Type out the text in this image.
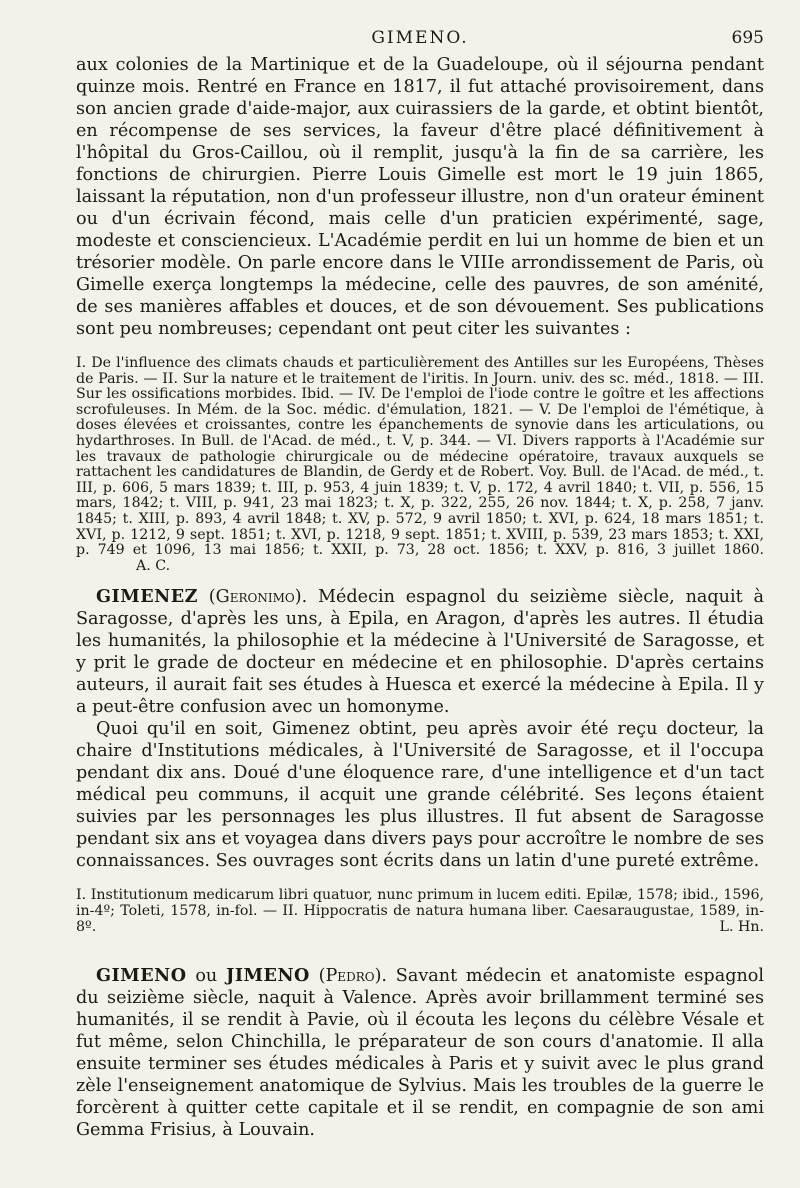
GIMENO.	695

aux colonies de la Martinique et de la Guadeloupe, où il séjourna pendant quinze mois. Rentré en France en 1817, il fut attaché provisoirement, dans son ancien grade d'aide-major, aux cuirassiers de la garde, et obtint bientôt, en récompense de ses services, la faveur d'être placé définitivement à l'hôpital du Gros-Caillou, où il remplit, jusqu'à la fin de sa carrière, les fonctions de chirurgien. Pierre Louis Gimelle est mort le 19 juin 1865, laissant la réputation, non d'un professeur illustre, non d'un orateur éminent ou d'un écrivain fécond, mais celle d'un praticien expérimenté, sage, modeste et consciencieux. L'Académie perdit en lui un homme de bien et un trésorier modèle. On parle encore dans le VIIIe arrondissement de Paris, où Gimelle exerça longtemps la médecine, celle des pauvres, de son aménité, de ses manières affables et douces, et de son dévouement. Ses publications sont peu nombreuses; cependant ont peut citer les suivantes :

I. De l'influence des climats chauds et particulièrement des Antilles sur les Européens, Thèses de Paris. — II. Sur la nature et le traitement de l'iritis. In Journ. univ. des sc. méd., 1818. — III. Sur les ossifications morbides. Ibid. — IV. De l'emploi de l'iode contre le goître et les affections scrofuleuses. In Mém. de la Soc. médic. d'émulation, 1821. — V. De l'emploi de l'émétique, à doses élevées et croissantes, contre les épanchements de synovie dans les articulations, ou hydarthroses. In Bull. de l'Acad. de méd., t. V, p. 344. — VI. Divers rapports à l'Académie sur les travaux de pathologie chirurgicale ou de médecine opératoire, travaux auxquels se rattachent les candidatures de Blandin, de Gerdy et de Robert. Voy. Bull. de l'Acad. de méd., t. III, p. 606, 5 mars 1839; t. III, p. 953, 4 juin 1839; t. V, p. 172, 4 avril 1840; t. VII, p. 556, 15 mars, 1842; t. VIII, p. 941, 23 mai 1823; t. X, p. 322, 255, 26 nov. 1844; t. X, p. 258, 7 janv. 1845; t. XIII, p. 893, 4 avril 1848; t. XV, p. 572, 9 avril 1850; t. XVI, p. 624, 18 mars 1851; t. XVI, p. 1212, 9 sept. 1851; t. XVI, p. 1218, 9 sept. 1851; t. XVIII, p. 539, 23 mars 1853; t. XXI, p. 749 et 1096, 13 mai 1856; t. XXII, p. 73, 28 oct. 1856; t. XXV, p. 816, 3 juillet 1860. A. C.

GIMENEZ (Geronimo). Médecin espagnol du seizième siècle, naquit à Saragosse, d'après les uns, à Epila, en Aragon, d'après les autres. Il étudia les humanités, la philosophie et la médecine à l'Université de Saragosse, et y prit le grade de docteur en médecine et en philosophie. D'après certains auteurs, il aurait fait ses études à Huesca et exercé la médecine à Epila. Il y a peut-être confusion avec un homonyme.

Quoi qu'il en soit, Gimenez obtint, peu après avoir été reçu docteur, la chaire d'Institutions médicales, à l'Université de Saragosse, et il l'occupa pendant dix ans. Doué d'une éloquence rare, d'une intelligence et d'un tact médical peu communs, il acquit une grande célébrité. Ses leçons étaient suivies par les personnages les plus illustres. Il fut absent de Saragosse pendant six ans et voyagea dans divers pays pour accroître le nombre de ses connaissances. Ses ouvrages sont écrits dans un latin d'une pureté extrême.

I. Institutionum medicarum libri quatuor, nunc primum in lucem editi. Epilæ, 1578; ibid., 1596, in-4º; Toleti, 1578, in-fol. — II. Hippocratis de natura humana liber. Caesaraugustae, 1589, in-8º.	L. Hn.

GIMENO ou JIMENO (Pedro). Savant médecin et anatomiste espagnol du seizième siècle, naquit à Valence. Après avoir brillamment terminé ses humanités, il se rendit à Pavie, où il écouta les leçons du célèbre Vésale et fut même, selon Chinchilla, le préparateur de son cours d'anatomie. Il alla ensuite terminer ses études médicales à Paris et y suivit avec le plus grand zèle l'enseignement anatomique de Sylvius. Mais les troubles de la guerre le forcèrent à quitter cette capitale et il se rendit, en compagnie de son ami Gemma Frisius, à Louvain.
